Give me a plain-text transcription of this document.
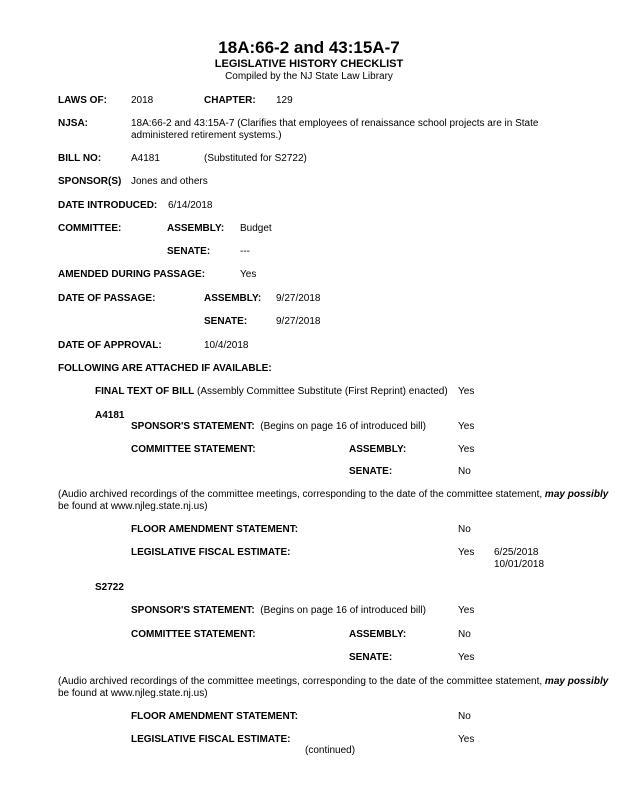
18A:66-2 and 43:15A-7
LEGISLATIVE HISTORY CHECKLIST
Compiled by the NJ State Law Library
LAWS OF: 2018	CHAPTER: 129
NJSA:	18A:66-2 and 43:15A-7 (Clarifies that employees of renaissance school projects are in State administered retirement systems.)
BILL NO:	A4181	(Substituted for S2722)
SPONSOR(S) Jones and others
DATE INTRODUCED: 6/14/2018
COMMITTEE:	ASSEMBLY: Budget
SENATE:	---
AMENDED DURING PASSAGE:	Yes
DATE OF PASSAGE:	ASSEMBLY: 9/27/2018
SENATE:	9/27/2018
DATE OF APPROVAL:	10/4/2018
FOLLOWING ARE ATTACHED IF AVAILABLE:
FINAL TEXT OF BILL (Assembly Committee Substitute (First Reprint) enacted) Yes
A4181
SPONSOR'S STATEMENT: (Begins on page 16 of introduced bill)	Yes
COMMITTEE STATEMENT:	ASSEMBLY:	Yes
SENATE:	No
(Audio archived recordings of the committee meetings, corresponding to the date of the committee statement, may possibly
be found at www.njleg.state.nj.us)
FLOOR AMENDMENT STATEMENT:	No
LEGISLATIVE FISCAL ESTIMATE:	Yes 6/25/2018
10/01/2018
S2722
SPONSOR'S STATEMENT: (Begins on page 16 of introduced bill)	Yes
COMMITTEE STATEMENT:	ASSEMBLY:	No
SENATE:	Yes
(Audio archived recordings of the committee meetings, corresponding to the date of the committee statement, may possibly
be found at www.njleg.state.nj.us)
FLOOR AMENDMENT STATEMENT:	No
LEGISLATIVE FISCAL ESTIMATE:	Yes
(continued)
